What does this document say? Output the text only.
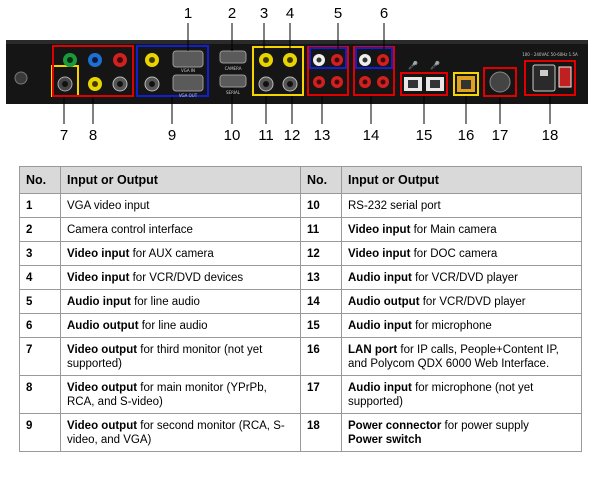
🎤 🎤
VGA IN
VGA OUT
CAMERA
SERIAL
100 - 240VAC 50-60Hz 1.5A
1	2	3	4	5	6
7	8	9	10 11 12 13 14 15 16 17 18
No.	Input or Output	No.	Input or Output
1	VGA video input	10	RS-232 serial port
2	Camera control interface	11	Video input for Main camera
3	Video input for AUX camera	12	Video input for DOC camera
4	Video input for VCR/DVD devices	13	Audio input for VCR/DVD player
5	Audio input for line audio	14	Audio output for VCR/DVD player
6	Audio output for line audio	15	Audio input for microphone
7	Video output for third monitor (not yet supported)	16	LAN port for IP calls, People+Content IP, and Polycom QDX 6000 Web Interface.
8	Video output for main monitor (YPrPb, RCA, and S-video)	17	Audio input for microphone (not yet supported)
9	Video output for second monitor (RCA, S-video, and VGA)	18	Power connector for power supply
Power switch
